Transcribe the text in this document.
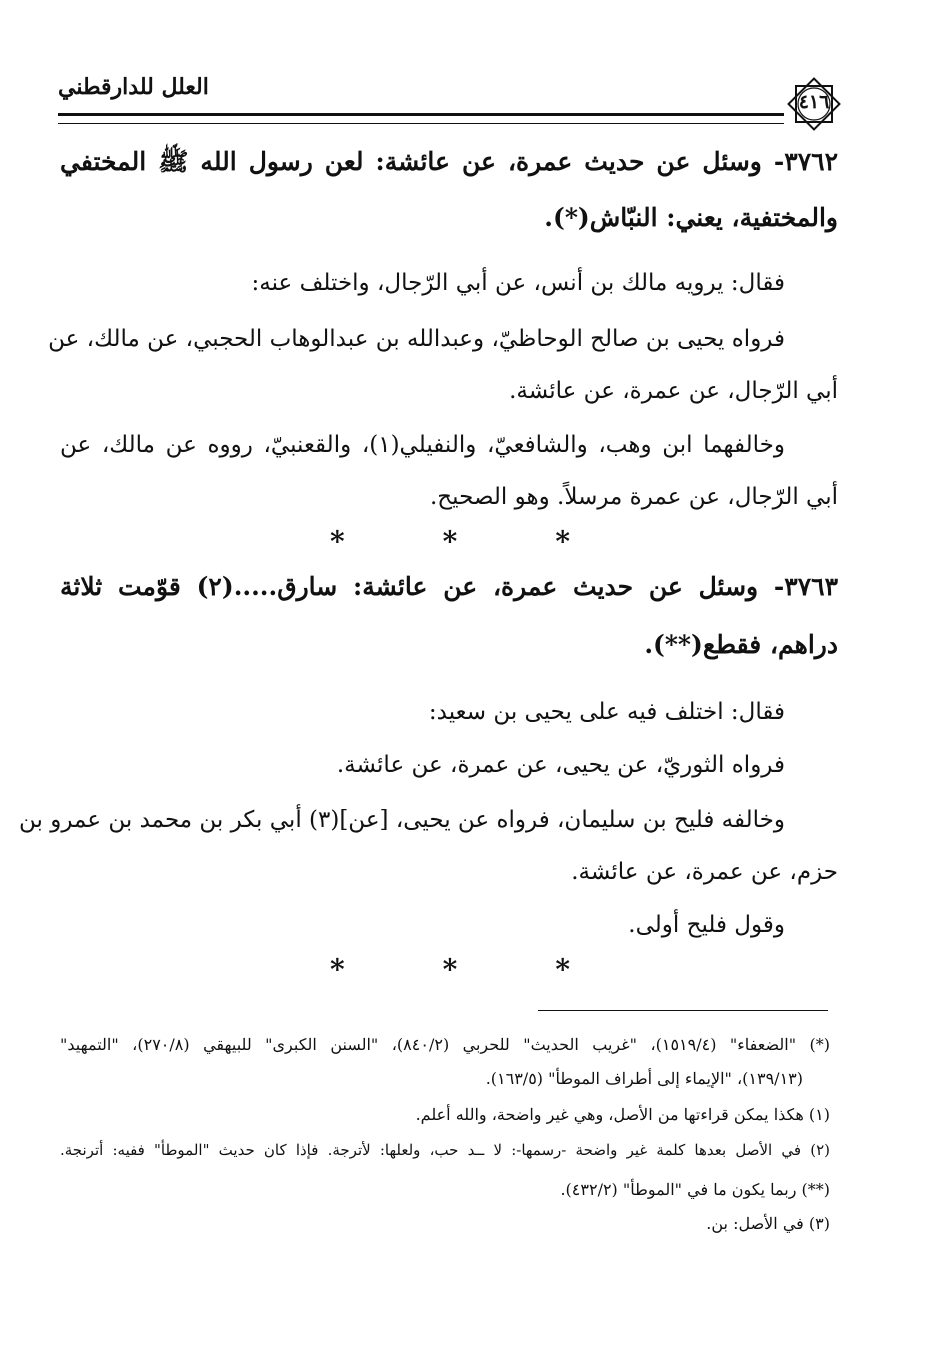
العلل للدارقطني
٤١٦
٣٧٦٢- وسئل عن حديث عمرة، عن عائشة: لعن رسول الله ﷺ المختفي
والمختفية، يعني: النبّاش(*).
فقال: يرويه مالك بن أنس، عن أبي الرّجال، واختلف عنه:
فرواه يحيى بن صالح الوحاظيّ، وعبدالله بن عبدالوهاب الحجبي، عن مالك، عن
أبي الرّجال، عن عمرة، عن عائشة.
وخالفهما ابن وهب، والشافعيّ، والنفيلي(١)، والقعنبيّ، رووه عن مالك، عن
أبي الرّجال، عن عمرة مرسلاً. وهو الصحيح.
*	*	*
٣٧٦٣- وسئل عن حديث عمرة، عن عائشة: سارق.....(٢) قوّمت ثلاثة
دراهم، فقطع(**).
فقال: اختلف فيه على يحيى بن سعيد:
فرواه الثوريّ، عن يحيى، عن عمرة، عن عائشة.
وخالفه فليح بن سليمان، فرواه عن يحيى، [عن](٣) أبي بكر بن محمد بن عمرو بن
حزم، عن عمرة، عن عائشة.
وقول فليح أولى.
*	*	*
(*) "الضعفاء" (١٥١٩/٤)، "غريب الحديث" للحربي (٨٤٠/٢)، "السنن الكبرى" للبيهقي (٢٧٠/٨)، "التمهيد"
(١٣٩/١٣)، "الإيماء إلى أطراف الموطأ" (١٦٣/٥).
(١) هكذا يمكن قراءتها من الأصل، وهي غير واضحة، والله أعلم.
(٢) في الأصل بعدها كلمة غير واضحة -رسمها-: لا ــد حب، ولعلها: لأترجة. فإذا كان حديث "الموطأ" ففيه: أترنجة.
(**) ربما يكون ما في "الموطأ" (٤٣٢/٢).
(٣) في الأصل: بن.
